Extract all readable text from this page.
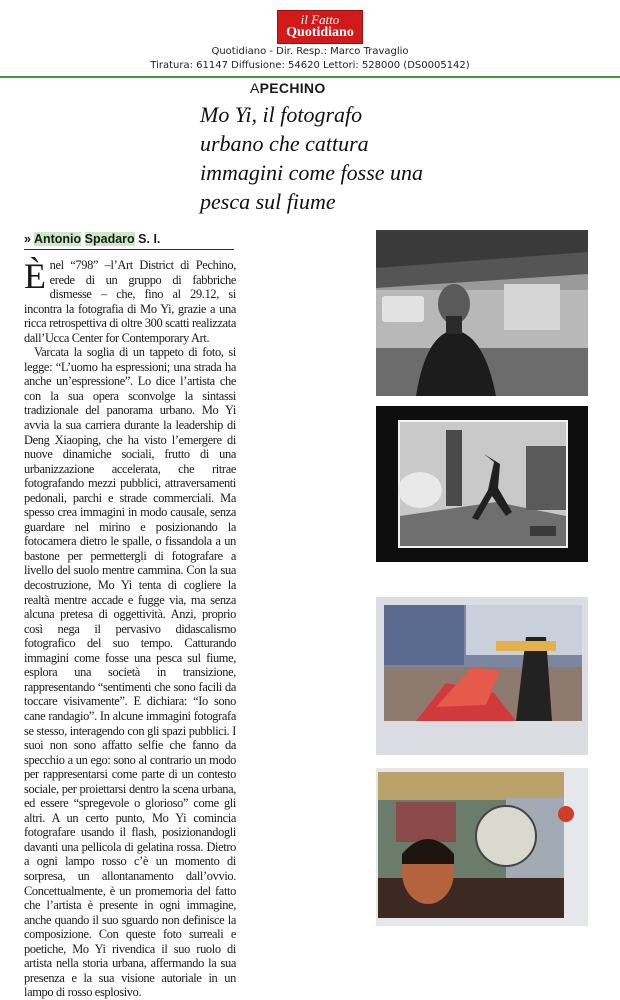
il Fatto
Quotidiano
Quotidiano - Dir. Resp.: Marco Travaglio
Tiratura: 61147 Diffusione: 54620 Lettori: 528000 (DS0005142)
APECHINO
Mo Yi, il fotografo urbano che cattura immagini come fosse una pesca sul fiume
» Antonio Spadaro S. I.

Ènel “798” –l’Art District di Pechino, erede di un gruppo di fabbriche dismesse – che, fino al 29.12, si incontra la fotografia di Mo Yi, grazie a una ricca retrospettiva di oltre 300 scatti realizzata dall’Ucca Center for Contemporary Art.

Varcata la soglia di un tappeto di foto, si legge: “L’uomo ha espressioni; una strada ha anche un’espressione”. Lo dice l’artista che con la sua opera sconvolge la sintassi tradizionale del panorama urbano. Mo Yi avvia la sua carriera durante la leadership di Deng Xiaoping, che ha visto l’emergere di nuove dinamiche sociali, frutto di una urbanizzazione accelerata, che ritrae fotografando mezzi pubblici, attraversamenti pedonali, parchi e strade commerciali. Ma spesso crea immagini in modo causale, senza guardare nel mirino e posizionando la fotocamera dietro le spalle, o fissandola a un bastone per permettergli di fotografare a livello del suolo mentre cammina. Con la sua decostruzione, Mo Yi tenta di cogliere la realtà mentre accade e fugge via, ma senza alcuna pretesa di oggettività. Anzi, proprio così nega il pervasivo didascalismo fotografico del suo tempo. Catturando immagini come fosse una pesca sul fiume, esplora una società in transizione, rappresentando “sentimenti che sono facili da toccare visivamente”. E dichiara: “Io sono cane randagio”. In alcune immagini fotografa se stesso, interagendo con gli spazi pubblici. I suoi non sono affatto selfie che fanno da specchio a un ego: sono al contrario un modo per rappresentarsi come parte di un contesto sociale, per proiettarsi dentro la scena urbana, ed essere “spregevole o glorioso” come gli altri. A un certo punto, Mo Yi comincia fotografare usando il flash, posizionandogli davanti una pellicola di gelatina rossa. Dietro a ogni lampo rosso c’è un momento di sorpresa, un allontanamento dall’ovvio. Concettualmente, è un promemoria del fatto che l’artista è presente in ogni immagine, anche quando il suo sguardo non definisce la composizione. Con queste foto surreali e poetiche, Mo Yi rivendica il suo ruolo di artista nella storia urbana, affermando la sua presenza e la sua visione autoriale in un lampo di rosso esplosivo.
